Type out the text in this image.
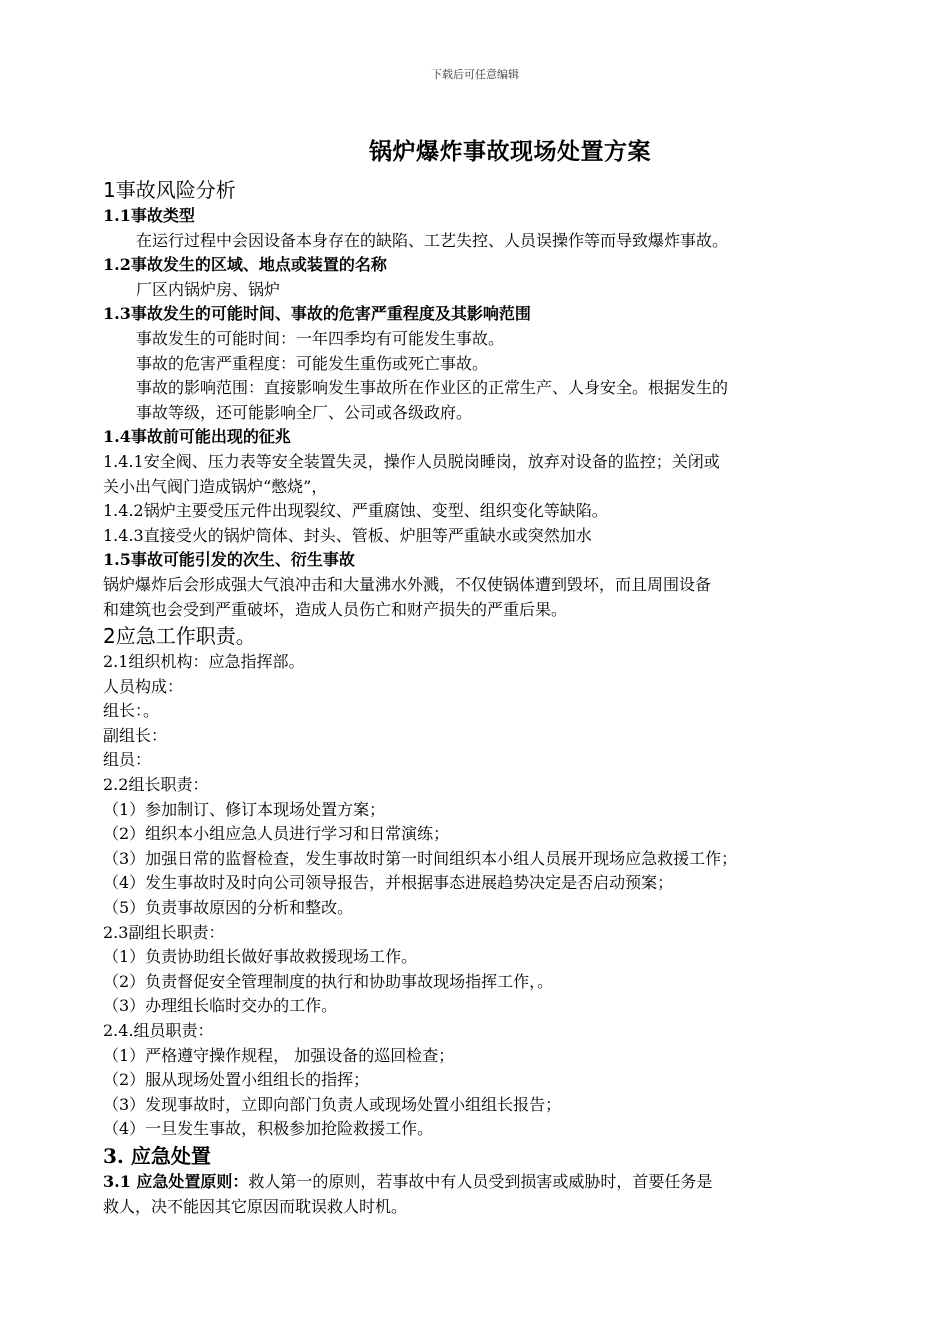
下载后可任意编辑
锅炉爆炸事故现场处置方案
1事故风险分析
1.1事故类型
在运行过程中会因设备本身存在的缺陷、工艺失控、人员误操作等而导致爆炸事故。
1.2事故发生的区域、地点或装置的名称
厂区内锅炉房、锅炉
1.3事故发生的可能时间、事故的危害严重程度及其影响范围
事故发生的可能时间：一年四季均有可能发生事故。
事故的危害严重程度：可能发生重伤或死亡事故。
事故的影响范围：直接影响发生事故所在作业区的正常生产、人身安全。根据发生的
事故等级，还可能影响全厂、公司或各级政府。
1.4事故前可能出现的征兆
1.4.1安全阀、压力表等安全装置失灵，操作人员脱岗睡岗，放弃对设备的监控；关闭或
关小出气阀门造成锅炉“憋烧”，
1.4.2锅炉主要受压元件出现裂纹、严重腐蚀、变型、组织变化等缺陷。
1.4.3直接受火的锅炉筒体、封头、管板、炉胆等严重缺水或突然加水
1.5事故可能引发的次生、衍生事故
锅炉爆炸后会形成强大气浪冲击和大量沸水外溅，不仅使锅体遭到毁坏，而且周围设备
和建筑也会受到严重破坏，造成人员伤亡和财产损失的严重后果。
2应急工作职责。
2.1组织机构：应急指挥部。
人员构成：
组长：。
副组长：
组员：
2.2组长职责：
（1）参加制订、修订本现场处置方案；
（2）组织本小组应急人员进行学习和日常演练；
（3）加强日常的监督检查，发生事故时第一时间组织本小组人员展开现场应急救援工作；
（4）发生事故时及时向公司领导报告，并根据事态进展趋势决定是否启动预案；
（5）负责事故原因的分析和整改。
2.3副组长职责：
（1）负责协助组长做好事故救援现场工作。
（2）负责督促安全管理制度的执行和协助事故现场指挥工作，。
（3）办理组长临时交办的工作。
2.4.组员职责：
（1）严格遵守操作规程， 加强设备的巡回检查；
（2）服从现场处置小组组长的指挥；
（3）发现事故时，立即向部门负责人或现场处置小组组长报告；
（4）一旦发生事故，积极参加抢险救援工作。
3. 应急处置
3.1 应急处置原则：救人第一的原则，若事故中有人员受到损害或威胁时，首要任务是
救人，决不能因其它原因而耽误救人时机。
